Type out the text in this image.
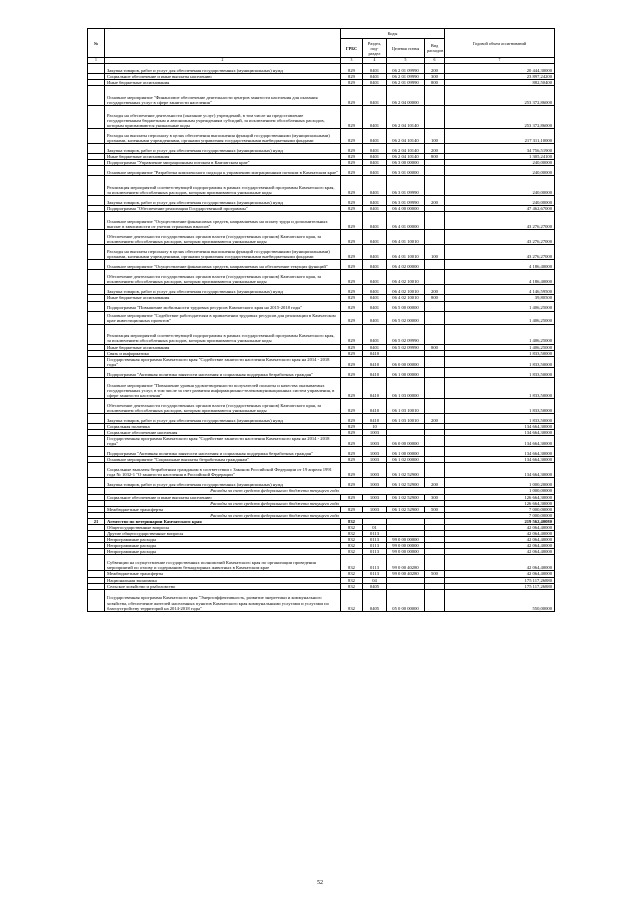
№		Коды				Годовой объем ассигнований
		ГРБС	Раздел, под-раздел	Целевая статья	Вид расходов	
1	2	3	4	5	6	7
	Закупка товаров, работ и услуг для обеспечения государственных (муниципальных) нужд	829	0401	06 2 01 09990	200	20 444,30000
	Социальное обеспечение и иные выплаты населению	829	0401	06 2 01 09990	300	23 897,24200
	Иные бюджетные ассигнования	829	0401	06 2 01 09990	800	882,50400
	Основное мероприятие "Финансовое обеспечение деятельности центров занятости населения для оказания государственных услуг в сфере занятости населения"	829	0401	06 2 04 00000		253 372,86000
	Расходы на обеспечение деятельности (оказание услуг) учреждений, в том числе на предоставление государственным бюджетным и автономным учреждениям субсидий, за исключением обособленных расходов, которым присваиваются уникальные коды	829	0401	06 2 04 10140		253 372,86000
	Расходы на выплаты персоналу в целях обеспечения выполнения функций государственными (муниципальными) органами, казенными учреждениями, органами управления государственными внебюджетными фондами	829	0401	06 2 04 10140	100	217 311,10000
	Закупка товаров, работ и услуг для обеспечения государственных (муниципальных) нужд	829	0401	06 2 04 10140	200	34 756,51900
	Иные бюджетные ассигнования	829	0401	06 2 04 10140	800	1 305,24100
	Подпрограмма "Управление миграционным потоком в Камчатском крае"	829	0401	06 3 00 00000		240,00000
	Основное мероприятие "Разработка комплексного подхода к управлению миграционным потоком в Камчатском крае"	829	0401	06 3 01 00000		240,00000
	Реализация мероприятий соответствующей подпрограммы в рамках государственной программы Камчатского края, за исключением обособленных расходов, которым присваиваются уникальные коды	829	0401	06 3 01 09990		240,00000
	Закупка товаров, работ и услуг для обеспечения государственных (муниципальных) нужд	829	0401	06 3 01 09990	200	240,00000
	Подпрограмма "Обеспечение реализации Государственной программы"	829	0401	06 4 00 00000		47 462,67000
	Основное мероприятие "Осуществление финансовых средств, направляемых на оплату труда и дополнительных выплат в зависимости от учетом страховых взносов"	829	0401	06 4 01 00000		43 276,27000
	Обеспечение деятельности государственных органов власти (государственных органов) Камчатского края, за исключением обособленных расходов, которым присваиваются уникальные коды	829	0401	06 4 01 10010		43 276,27000
	Расходы на выплаты персоналу в целях обеспечения выполнения функций государственными (муниципальными) органами, казенными учреждениями, органами управления государственными внебюджетными фондами	829	0401	06 4 01 10010	100	43 276,27000
	Основное мероприятие "Осуществление финансовых средств, направляемых на обеспечение текущих функций"	829	0401	06 4 02 00000		4 186,40000
	Обеспечение деятельности государственных органов власти (государственных органов) Камчатского края, за исключением обособленных расходов, которым присваиваются уникальные коды	829	0401	06 4 02 10010		4 186,40000
	Закупка товаров, работ и услуг для обеспечения государственных (муниципальных) нужд	829	0401	06 4 02 10010	200	4 146,59500
	Иные бюджетные ассигнования	829	0401	06 4 02 10010	800	39,80500
	Подпрограмма "Повышение мобильности трудовых ресурсов Камчатского края на 2015-2018 годы"	829	0401	06 5 00 00000		1 406,25000
	Основное мероприятие "Содействие работодателям в привлечении трудовых ресурсов для реализации в Камчатском крае инвестиционных проектов"	829	0401	06 5 02 00000		1 406,25000
	Реализация мероприятий соответствующей подпрограммы в рамках государственной программы Камчатского края, за исключением обособленных расходов, которым присваиваются уникальные коды	829	0401	06 5 02 09990		1 406,25000
	Иные бюджетные ассигнования	829	0401	06 5 02 09990	800	1 406,25000
	Связь и информатика	829	0410			1 833,50000
	Государственная программа Камчатского края "Содействие занятости населения Камчатского края на 2014 - 2018 годы"	829	0410	06 0 00 00000		1 833,50000
	Подпрограмма "Активная политика занятости населения и социальная поддержка безработных граждан"	829	0410	06 1 00 00000		1 833,50000
	Основное мероприятие "Повышение уровня удовлетворенности получателей полноты и качества оказываемых государственных услуг, в том числе за счет развития информационно-телекоммуникационных систем управления, в сфере занятости населения"	829	0410	06 1 03 00000		1 833,50000
	Обеспечение деятельности государственных органов власти (государственных органов) Камчатского края, за исключением обособленных расходов, которым присваиваются уникальные коды	829	0410	06 1 03 10010		1 833,50000
	Закупка товаров, работ и услуг для обеспечения государственных (муниципальных) нужд	829	0410	06 1 03 10010	200	1 833,50000
	Социальная политика	829	10			134 664,30000
	Социальное обеспечение населения	829	1003			134 664,30000
	Государственная программа Камчатского края "Содействие занятости населения Камчатского края на 2014 - 2018 годы"	829	1003	06 0 00 00000		134 664,30000
	Подпрограмма "Активная политика занятости населения и социальная поддержка безработных граждан"	829	1003	06 1 00 00000		134 664,30000
	Основное мероприятие "Социальные выплаты безработным гражданам"	829	1003	06 1 02 00000		134 664,30000
	Социальные выплаты безработным гражданам в соответствии с Законом Российской Федерации от 19 апреля 1991 года № 1032-1 "О занятости населения в Российской Федерации"	829	1003	06 1 02 52900		134 664,30000
	Закупка товаров, работ и услуг для обеспечения государственных (муниципальных) нужд	829	1003	06 1 02 52900	200	1 000,20000
	Расходы за счет средств федерального бюджета текущего года					1 000,00000
	Социальное обеспечение и иные выплаты населению	829	1003	06 1 02 52900	300	126 664,30000
	Расходы за счет средств федерального бюджета текущего года					126 664,30000
	Межбюджетные трансферты	829	1003	06 1 02 52900	500	7 000,00000
	Расходы за счет средств федерального бюджета текущего года					7 000,00000
21	Агентство по ветеринарии Камчатского края	832				219 562,40080
	Общегосударственные вопросы	832	01			42 064,40000
	Другие общегосударственные вопросы	832	0113			42 064,40000
	Непрограммные расходы	832	0113	99 0 00 00000		42 064,40000
	Непрограммные расходы	832	0113	99 0 00 00000		42 064,40000
	Непрограммные расходы	832	0113	99 0 00 00000		42 064,40000
	Субвенции на осуществление государственных полномочий Камчатского края по организации проведения мероприятий по отлову и содержанию безнадзорных животных в Камчатском крае	832	0113	99 0 00 40280		42 064,40000
	Межбюджетные трансферты	832	0113	99 0 00 40280	500	42 064,40000
	Национальная экономика	832	04			175 117,26880
	Сельское хозяйство и рыболовство	832	0405			175 117,26880
	Государственная программа Камчатского края "Энергоэффективность, развитие энергетики и коммунального хозяйства, обеспечение жителей населенных пунктов Камчатского края коммунальными услугами и услугами по благоустройству территорий на 2014-2018 годы"	832	0405	05 0 00 00000		550,00000
52
